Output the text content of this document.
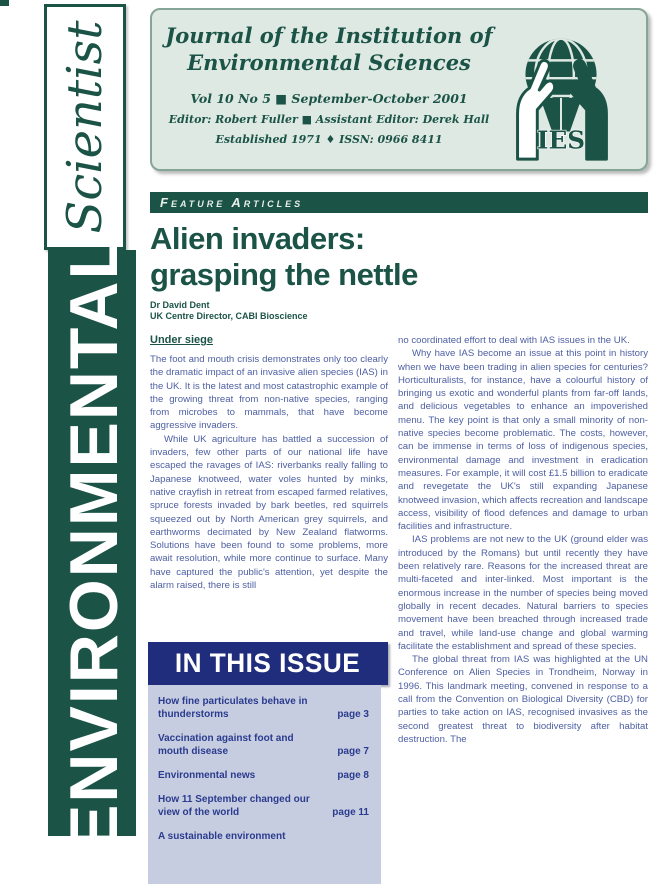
Scientist
ENVIRONMENTAL
Journal of the Institution of
Environmental Sciences
Vol 10 No 5 ■ September-October 2001
Editor: Robert Fuller ■ Assistant Editor: Derek Hall
Established 1971 ♦ ISSN: 0966 8411	IES
Feature Articles
Alien invaders:
grasping the nettle
Dr David Dent
UK Centre Director, CABI Bioscience
Under siege

The foot and mouth crisis demonstrates only too clearly the dramatic impact of an invasive alien species (IAS) in the UK. It is the latest and most catastrophic example of the growing threat from non-native species, ranging from microbes to mammals, that have become aggressive invaders.

While UK agriculture has battled a succession of invaders, few other parts of our national life have escaped the ravages of IAS: riverbanks really falling to Japanese knotweed, water voles hunted by minks, native crayfish in retreat from escaped farmed relatives, spruce forests invaded by bark beetles, red squirrels squeezed out by North American grey squirrels, and earthworms decimated by New Zealand flatworms. Solutions have been found to some problems, more await resolution, while more continue to surface. Many have captured the public's attention, yet despite the alarm raised, there is still

no coordinated effort to deal with IAS issues in the UK.

Why have IAS become an issue at this point in history when we have been trading in alien species for centuries? Horticulturalists, for instance, have a colourful history of bringing us exotic and wonderful plants from far-off lands, and delicious vegetables to enhance an impoverished menu. The key point is that only a small minority of non-native species become problematic. The costs, however, can be immense in terms of loss of indigenous species, environmental damage and investment in eradication measures. For example, it will cost £1.5 billion to eradicate and revegetate the UK's still expanding Japanese knotweed invasion, which affects recreation and landscape access, visibility of flood defences and damage to urban facilities and infrastructure.

IAS problems are not new to the UK (ground elder was introduced by the Romans) but until recently they have been relatively rare. Reasons for the increased threat are multi-faceted and inter-linked. Most important is the enormous increase in the number of species being moved globally in recent decades. Natural barriers to species movement have been breached through increased trade and travel, while land-use change and global warming facilitate the establishment and spread of these species.

The global threat from IAS was highlighted at the UN Conference on Alien Species in Trondheim, Norway in 1996. This landmark meeting, convened in response to a call from the Convention on Biological Diversity (CBD) for parties to take action on IAS, recognised invasives as the second greatest threat to biodiversity after habitat destruction. The

IN THIS ISSUE
How fine particulates behave in thunderstorms	page 3
Vaccination against foot and mouth disease	page 7
Environmental news	page 8
How 11 September changed our view of the world	page 11
A sustainable environment
